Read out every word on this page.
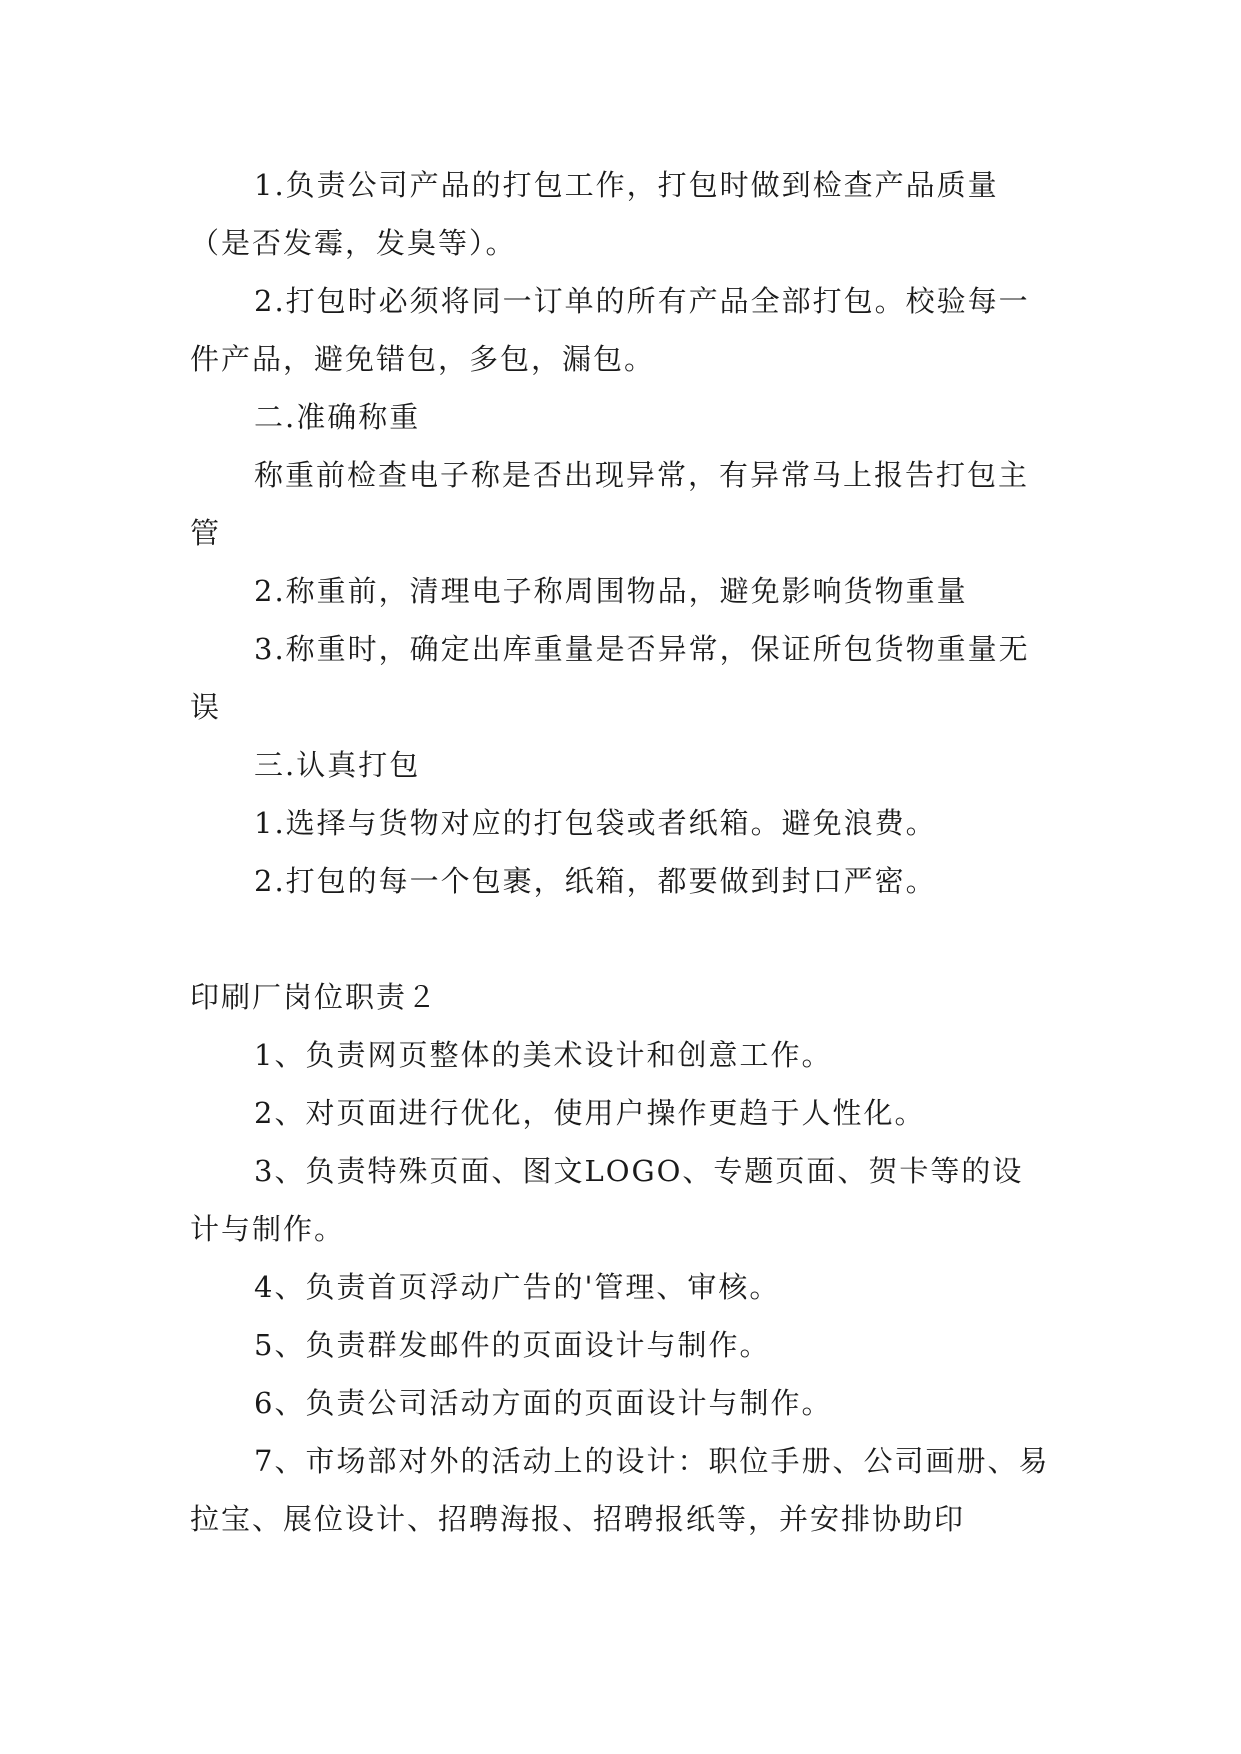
1.负责公司产品的打包工作，打包时做到检查产品质量（是否发霉，发臭等）。

2.打包时必须将同一订单的所有产品全部打包。校验每一件产品，避免错包，多包，漏包。

二.准确称重

称重前检查电子称是否出现异常，有异常马上报告打包主管

2.称重前，清理电子称周围物品，避免影响货物重量

3.称重时，确定出库重量是否异常，保证所包货物重量无误

三.认真打包

1.选择与货物对应的打包袋或者纸箱。避免浪费。

2.打包的每一个包裹，纸箱，都要做到封口严密。

印刷厂岗位职责２

1、负责网页整体的美术设计和创意工作。

2、对页面进行优化，使用户操作更趋于人性化。

3、负责特殊页面、图文LOGO、专题页面、贺卡等的设计与制作。

4、负责首页浮动广告的'管理、审核。

5、负责群发邮件的页面设计与制作。

6、负责公司活动方面的页面设计与制作。

7、市场部对外的活动上的设计：职位手册、公司画册、易拉宝、展位设计、招聘海报、招聘报纸等，并安排协助印
